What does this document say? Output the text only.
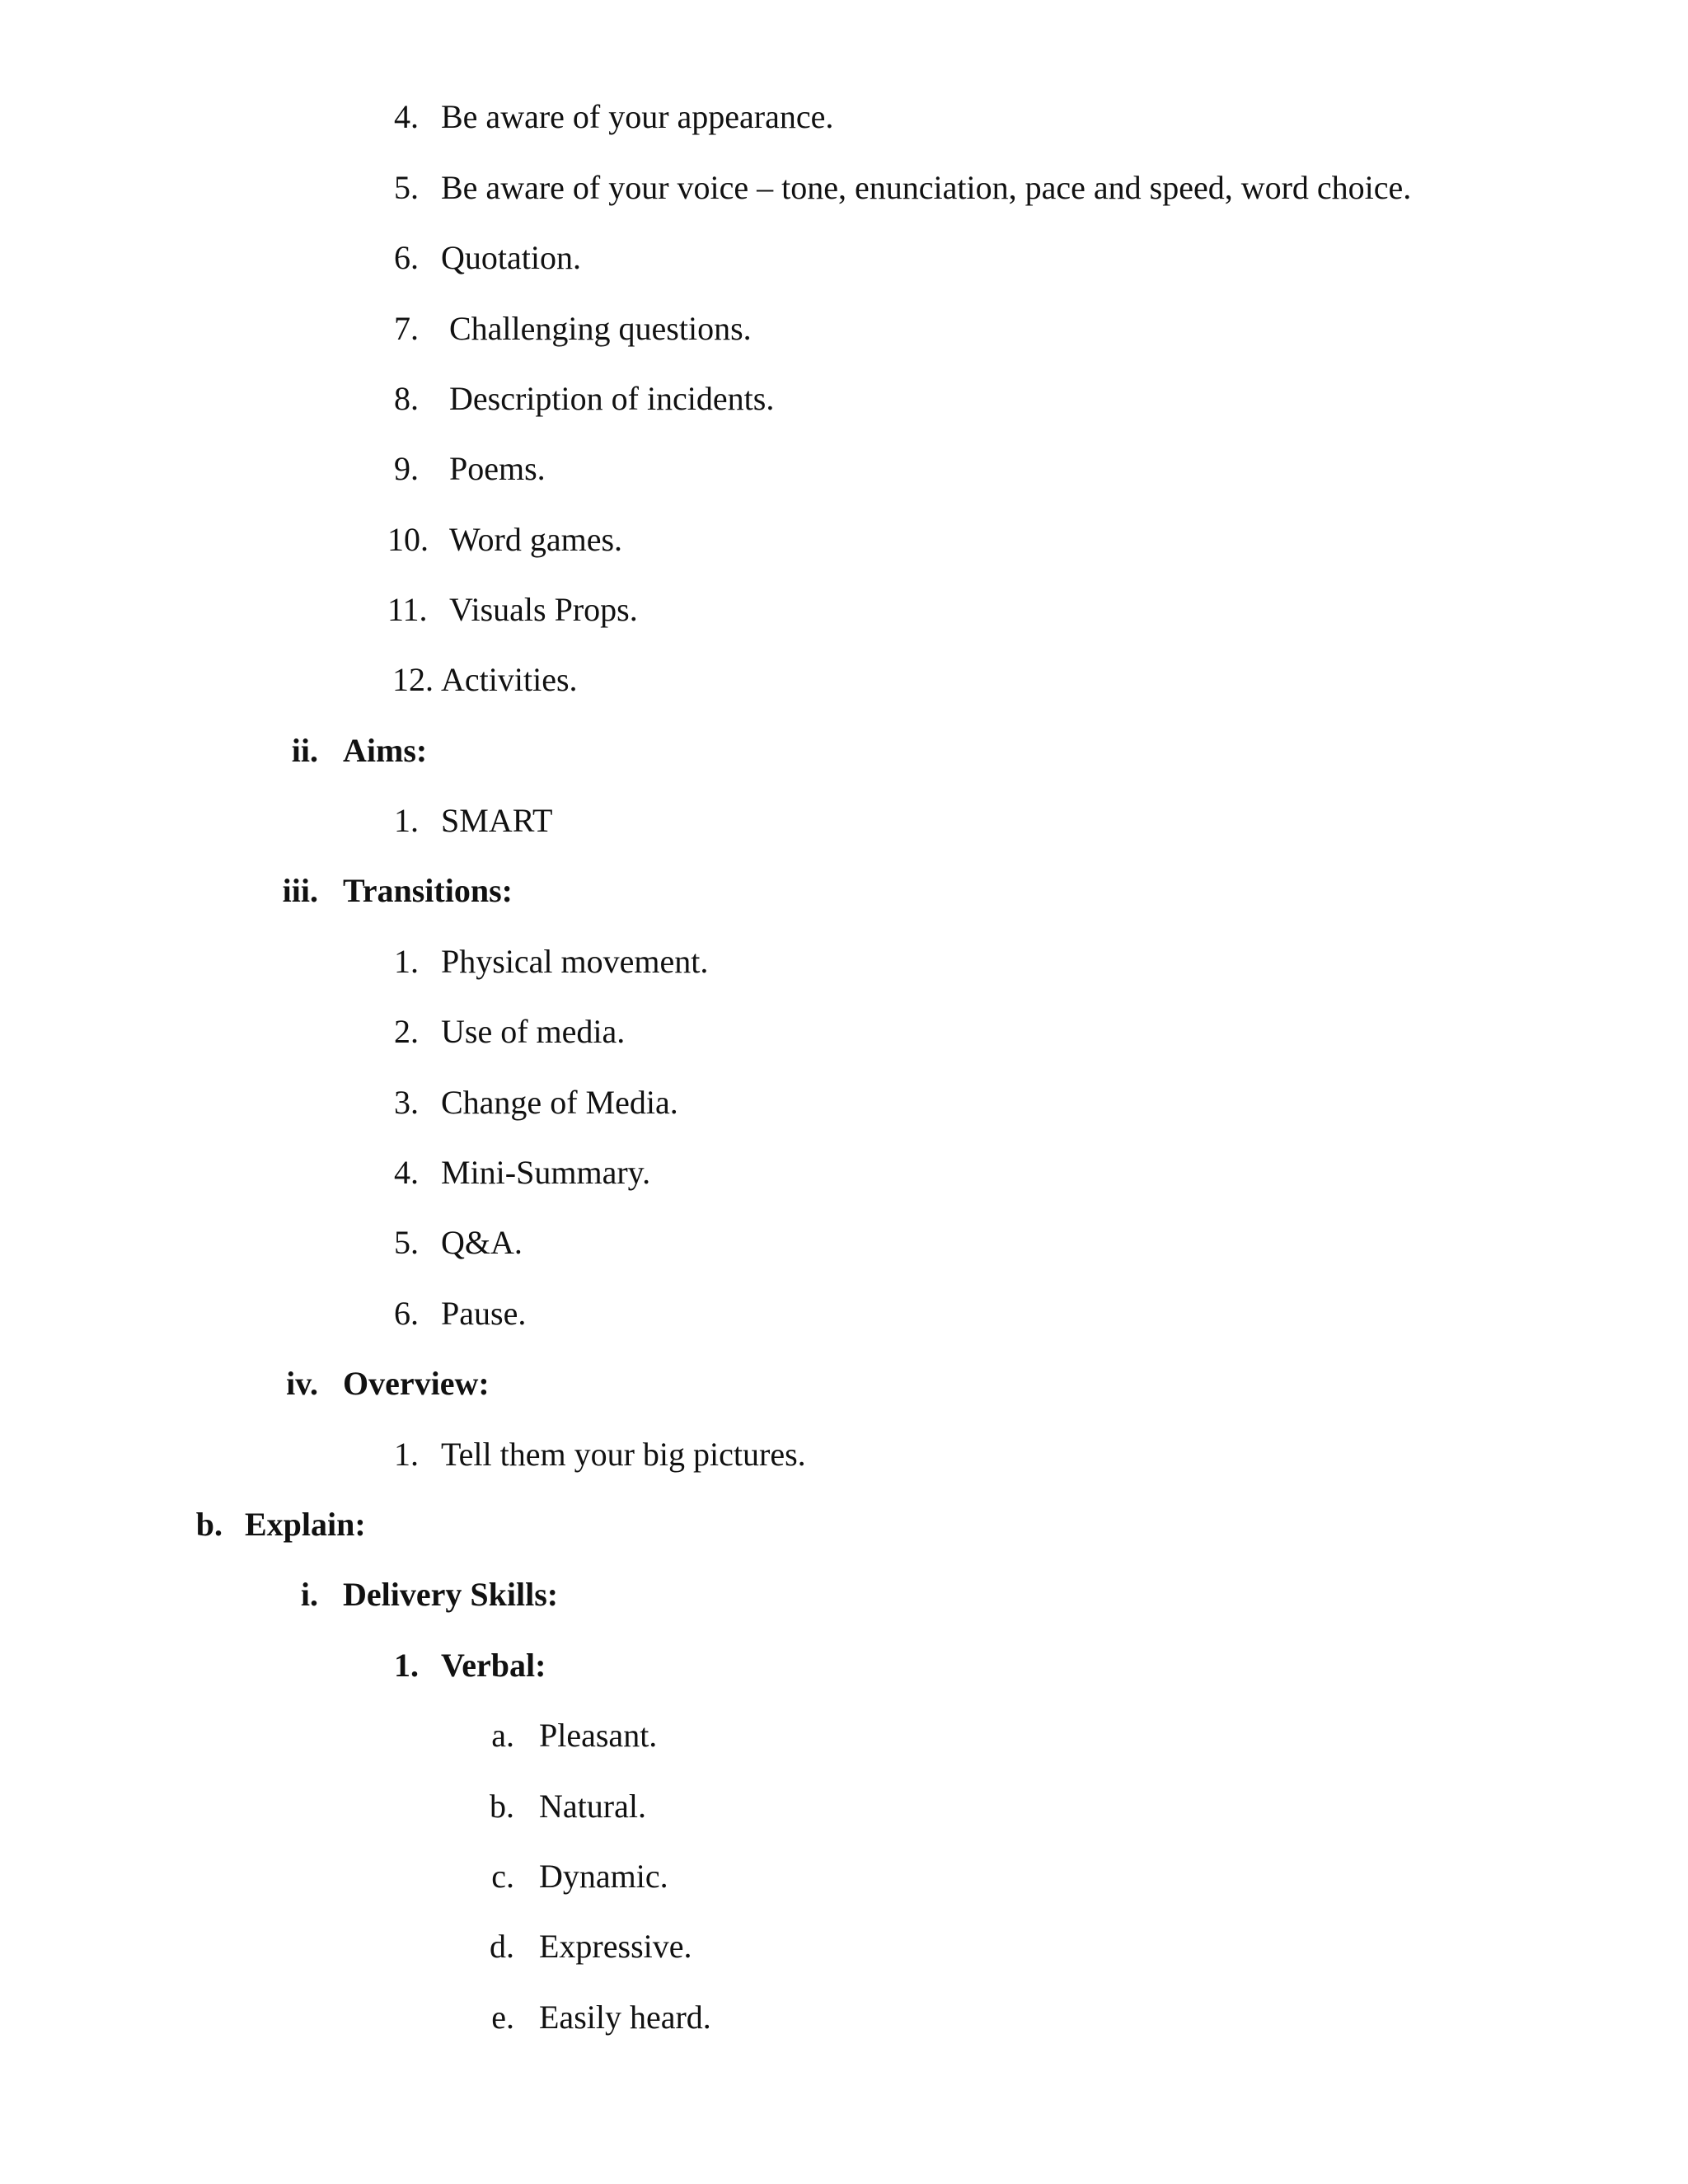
4. Be aware of your appearance.
5. Be aware of your voice – tone, enunciation, pace and speed, word choice.
6. Quotation.
7. Challenging questions.
8. Description of incidents.
9. Poems.
10. Word games.
11. Visuals Props.
12. Activities.
ii. Aims:
1. SMART
iii. Transitions:
1. Physical movement.
2. Use of media.
3. Change of Media.
4. Mini-Summary.
5. Q&A.
6. Pause.
iv. Overview:
1. Tell them your big pictures.
b. Explain:
i. Delivery Skills:
1. Verbal:
a. Pleasant.
b. Natural.
c. Dynamic.
d. Expressive.
e. Easily heard.
